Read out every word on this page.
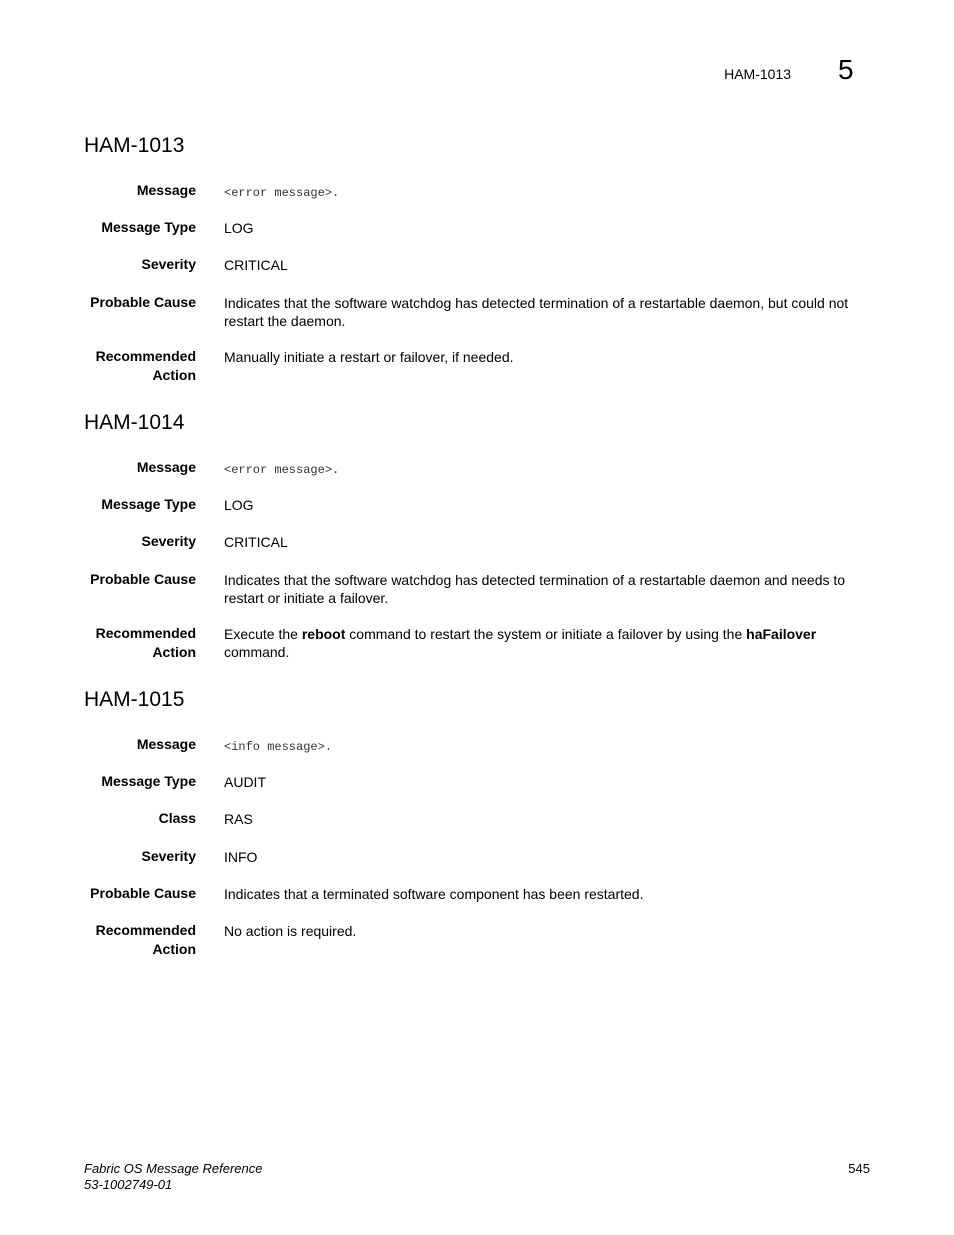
HAM-1013 5
HAM-1013
Message <error message>.
Message Type LOG
Severity CRITICAL
Probable Cause Indicates that the software watchdog has detected termination of a restartable daemon, but could not restart the daemon.
Recommended
Action
Manually initiate a restart or failover, if needed.
HAM-1014
Message <error message>.
Message Type LOG
Severity CRITICAL
Probable Cause Indicates that the software watchdog has detected termination of a restartable daemon and needs to restart or initiate a failover.
Recommended
Action
Execute the reboot command to restart the system or initiate a failover by using the haFailover command.
HAM-1015
Message <info message>.
Message Type AUDIT
Class RAS
Severity INFO
Probable Cause Indicates that a terminated software component has been restarted.
Recommended
Action
No action is required.
Fabric OS Message Reference
53-1002749-01
545
